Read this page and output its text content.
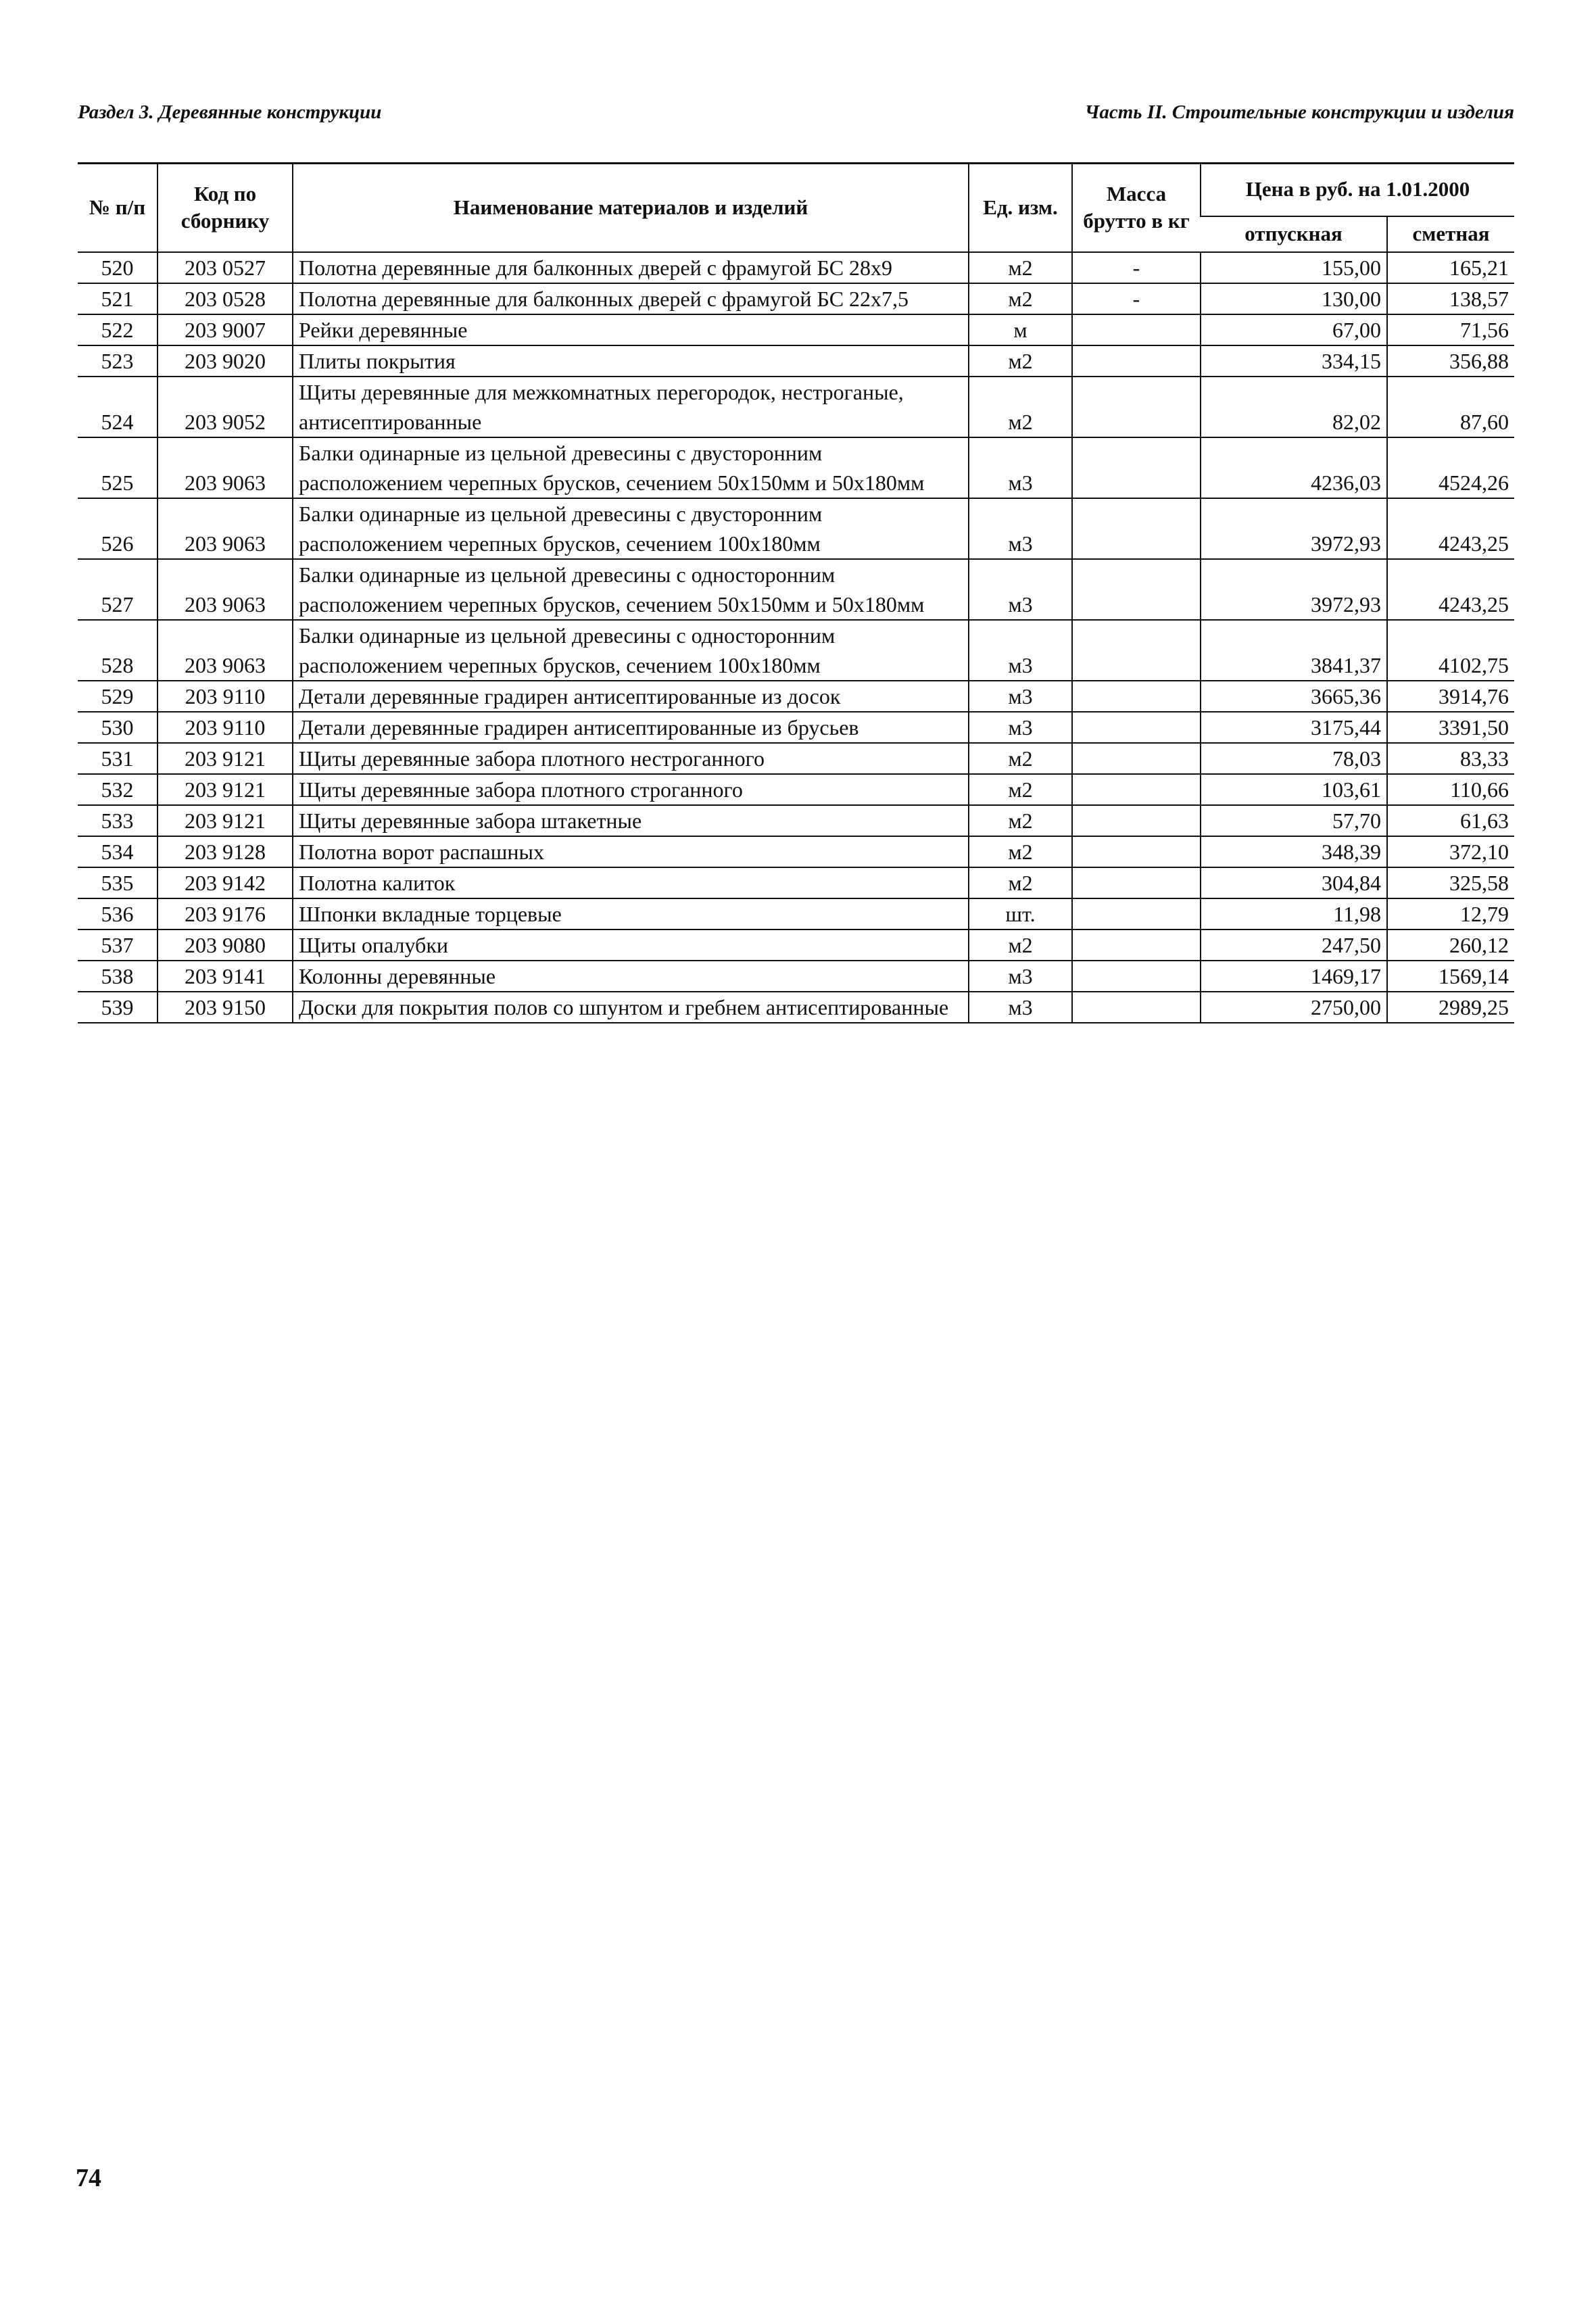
Раздел 3. Деревянные конструкции	Часть II. Строительные конструкции и изделия
№ п/п	Код по сборнику	Наименование материалов и изделий	Ед. изм.	Масса брутто в кг	Цена в руб. на 1.01.2000	
					отпускная	сметная
520	203 0527	Полотна деревянные для балконных дверей с фрамугой БС 28х9	м2	-	155,00	165,21
521	203 0528	Полотна деревянные для балконных дверей с фрамугой БС 22х7,5	м2	-	130,00	138,57
522	203 9007	Рейки деревянные	м		67,00	71,56
523	203 9020	Плиты покрытия	м2		334,15	356,88
524	203 9052	Щиты деревянные для межкомнатных перегородок, нестроганые, антисептированные	м2		82,02	87,60
525	203 9063	Балки одинарные из цельной древесины с двусторонним расположением черепных брусков, сечением 50х150мм и 50х180мм	м3		4236,03	4524,26
526	203 9063	Балки одинарные из цельной древесины с двусторонним расположением черепных брусков, сечением 100х180мм	м3		3972,93	4243,25
527	203 9063	Балки одинарные из цельной древесины с односторонним расположением черепных брусков, сечением 50х150мм и 50х180мм	м3		3972,93	4243,25
528	203 9063	Балки одинарные из цельной древесины с односторонним расположением черепных брусков, сечением 100х180мм	м3		3841,37	4102,75
529	203 9110	Детали деревянные градирен антисептированные из досок	м3		3665,36	3914,76
530	203 9110	Детали деревянные градирен антисептированные из брусьев	м3		3175,44	3391,50
531	203 9121	Щиты деревянные забора плотного нестроганного	м2		78,03	83,33
532	203 9121	Щиты деревянные забора плотного строганного	м2		103,61	110,66
533	203 9121	Щиты деревянные забора штакетные	м2		57,70	61,63
534	203 9128	Полотна ворот распашных	м2		348,39	372,10
535	203 9142	Полотна калиток	м2		304,84	325,58
536	203 9176	Шпонки вкладные торцевые	шт.		11,98	12,79
537	203 9080	Щиты опалубки	м2		247,50	260,12
538	203 9141	Колонны деревянные	м3		1469,17	1569,14
539	203 9150	Доски для покрытия полов со шпунтом и гребнем антисептированные	м3		2750,00	2989,25
74
